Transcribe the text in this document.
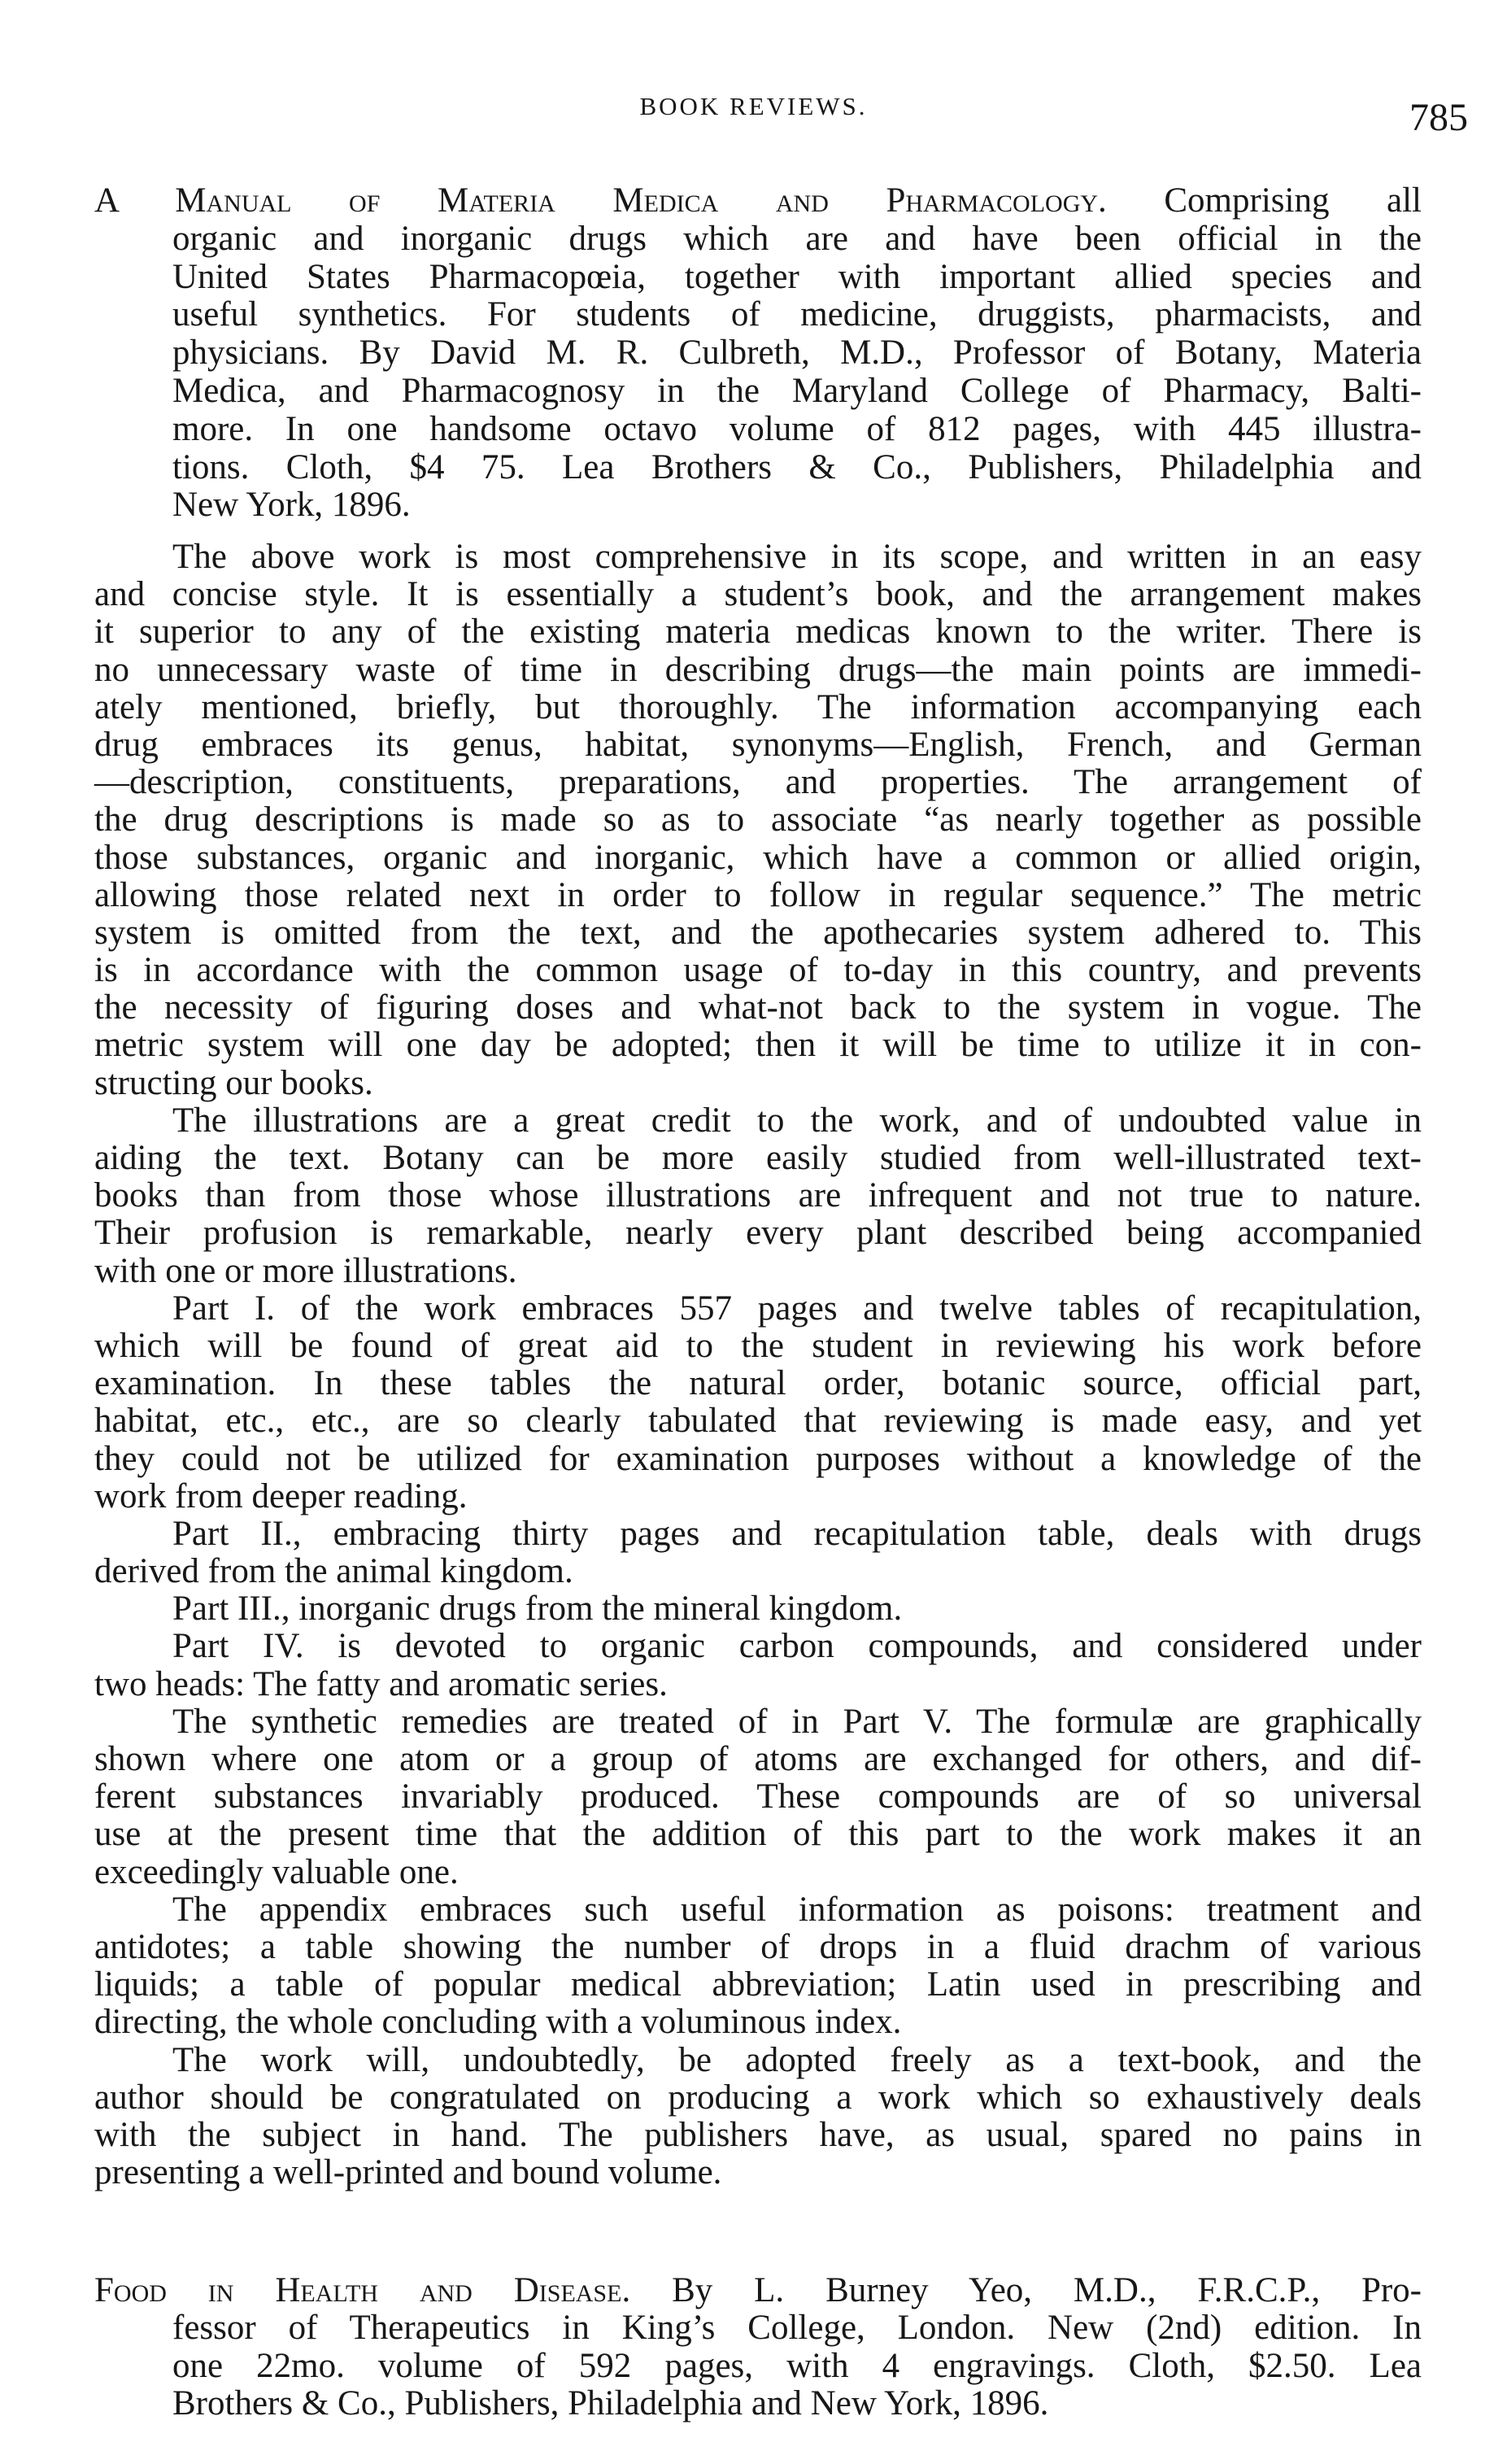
BOOK REVIEWS.	785
A Manual of Materia Medica and Pharmacology. Comprising all
organic and inorganic drugs which are and have been official in the
United States Pharmacopœia, together with important allied species and
useful synthetics. For students of medicine, druggists, pharmacists, and
physicians. By David M. R. Culbreth, M.D., Professor of Botany, Materia
Medica, and Pharmacognosy in the Maryland College of Pharmacy, Balti-
more. In one handsome octavo volume of 812 pages, with 445 illustra-
tions. Cloth, $4 75. Lea Brothers & Co., Publishers, Philadelphia and
New York, 1896.
The above work is most comprehensive in its scope, and written in an easy
and concise style. It is essentially a student’s book, and the arrangement makes
it superior to any of the existing materia medicas known to the writer. There is
no unnecessary waste of time in describing drugs—the main points are immedi-
ately mentioned, briefly, but thoroughly. The information accompanying each
drug embraces its genus, habitat, synonyms—English, French, and German
—description, constituents, preparations, and properties. The arrangement of
the drug descriptions is made so as to associate “as nearly together as possible
those substances, organic and inorganic, which have a common or allied origin,
allowing those related next in order to follow in regular sequence.” The metric
system is omitted from the text, and the apothecaries system adhered to. This
is in accordance with the common usage of to-day in this country, and prevents
the necessity of figuring doses and what-not back to the system in vogue. The
metric system will one day be adopted; then it will be time to utilize it in con-
structing our books.
The illustrations are a great credit to the work, and of undoubted value in
aiding the text. Botany can be more easily studied from well-illustrated text-
books than from those whose illustrations are infrequent and not true to nature.
Their profusion is remarkable, nearly every plant described being accompanied
with one or more illustrations.
Part I. of the work embraces 557 pages and twelve tables of recapitulation,
which will be found of great aid to the student in reviewing his work before
examination. In these tables the natural order, botanic source, official part,
habitat, etc., etc., are so clearly tabulated that reviewing is made easy, and yet
they could not be utilized for examination purposes without a knowledge of the
work from deeper reading.
Part II., embracing thirty pages and recapitulation table, deals with drugs
derived from the animal kingdom.
Part III., inorganic drugs from the mineral kingdom.
Part IV. is devoted to organic carbon compounds, and considered under
two heads: The fatty and aromatic series.
The synthetic remedies are treated of in Part V. The formulæ are graphically
shown where one atom or a group of atoms are exchanged for others, and dif-
ferent substances invariably produced. These compounds are of so universal
use at the present time that the addition of this part to the work makes it an
exceedingly valuable one.
The appendix embraces such useful information as poisons: treatment and
antidotes; a table showing the number of drops in a fluid drachm of various
liquids; a table of popular medical abbreviation; Latin used in prescribing and
directing, the whole concluding with a voluminous index.
The work will, undoubtedly, be adopted freely as a text-book, and the
author should be congratulated on producing a work which so exhaustively deals
with the subject in hand. The publishers have, as usual, spared no pains in
presenting a well-printed and bound volume.
Food in Health and Disease. By L. Burney Yeo, M.D., F.R.C.P., Pro-
fessor of Therapeutics in King’s College, London. New (2nd) edition. In
one 22mo. volume of 592 pages, with 4 engravings. Cloth, $2.50. Lea
Brothers & Co., Publishers, Philadelphia and New York, 1896.
